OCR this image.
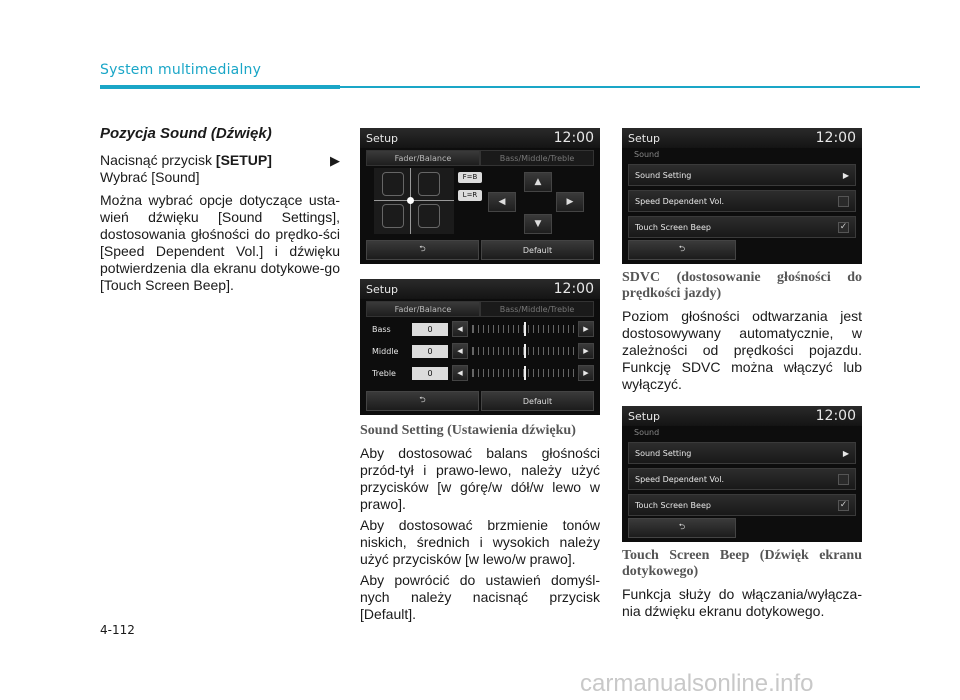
System multimedialny
Pozycja Sound (Dźwięk)
Nacisnąć przycisk [SETUP]	▶

Wybrać [Sound]
Można wybrać opcje dotyczące usta-wień dźwięku [Sound Settings], dostosowania głośności do prędko-ści [Speed Dependent Vol.] i dźwięku potwierdzenia dla ekranu dotykowe-go [Touch Screen Beep].
Setup	12:00
Fader/Balance	Bass/Middle/Treble
F=B
L=R
▲
◀	▶
▼
⮌	Default
Setup	12:00
Fader/Balance	Bass/Middle/Treble
Bass	0	◀	▶
Middle	0	◀	▶
Treble	0	◀	▶
⮌	Default
Sound Setting (Ustawienia dźwięku)
Aby dostosować balans głośności przód-tył i prawo-lewo, należy użyć przycisków [w górę/w dół/w lewo w prawo].
Aby dostosować brzmienie tonów niskich, średnich i wysokich należy użyć przycisków [w lewo/w prawo].
Aby powrócić do ustawień domyśl-nych należy nacisnąć przycisk [Default].
Setup	12:00
Sound
Sound Setting	▶
Speed Dependent Vol.
Touch Screen Beep	✓
⮌
SDVC (dostosowanie głośności do prędkości jazdy)
Poziom głośności odtwarzania jest dostosowywany automatycznie, w zależności od prędkości pojazdu. Funkcję SDVC można włączyć lub wyłączyć.
Setup	12:00
Sound
Sound Setting	▶
Speed Dependent Vol.
Touch Screen Beep	✓
⮌
Touch Screen Beep (Dźwięk ekranu dotykowego)
Funkcja służy do włączania/wyłącza-nia dźwięku ekranu dotykowego.
4-112
carmanualsonline.info
